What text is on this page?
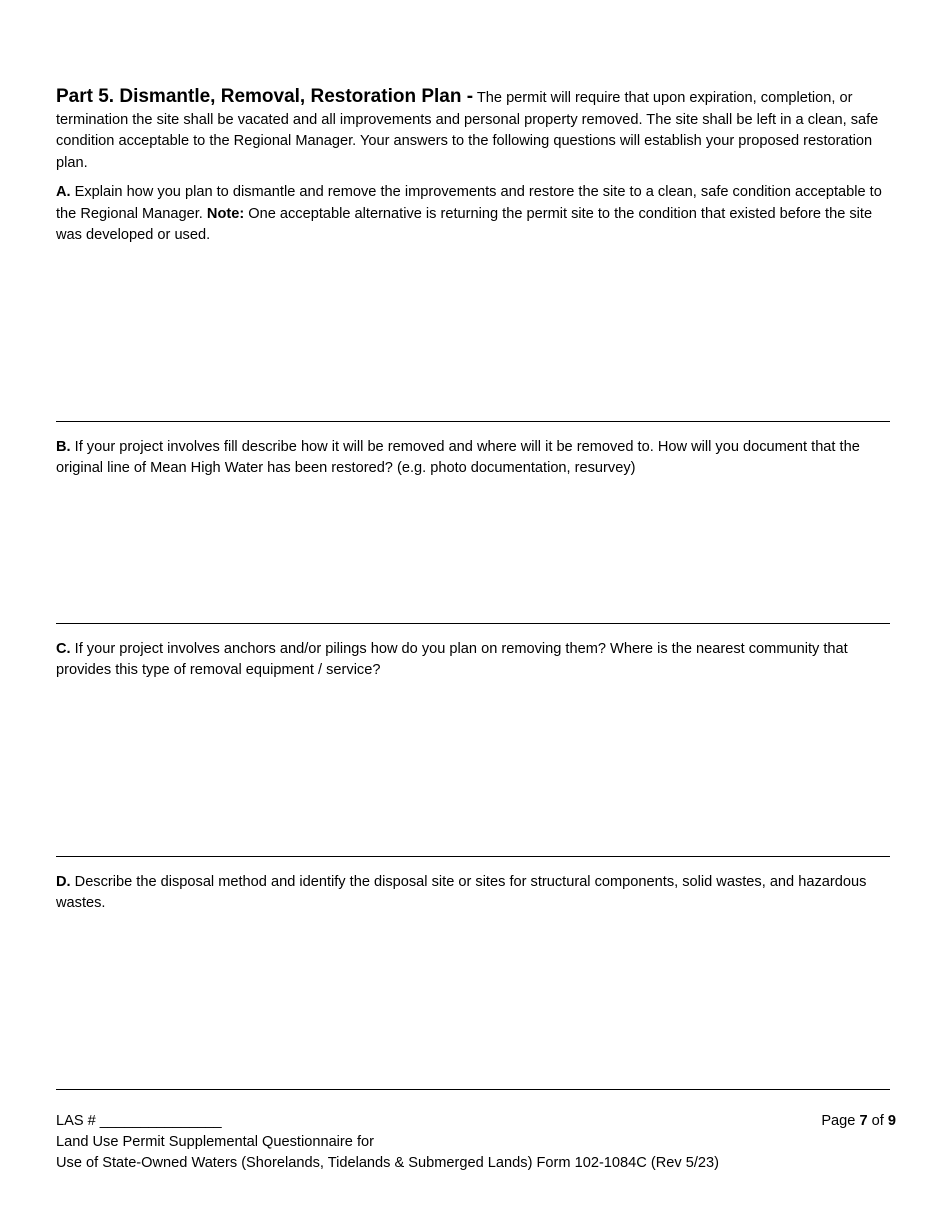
Part 5. Dismantle, Removal, Restoration Plan - The permit will require that upon expiration, completion, or termination the site shall be vacated and all improvements and personal property removed. The site shall be left in a clean, safe condition acceptable to the Regional Manager. Your answers to the following questions will establish your proposed restoration plan.

A. Explain how you plan to dismantle and remove the improvements and restore the site to a clean, safe condition acceptable to the Regional Manager. Note: One acceptable alternative is returning the permit site to the condition that existed before the site was developed or used.

B. If your project involves fill describe how it will be removed and where will it be removed to. How will you document that the original line of Mean High Water has been restored? (e.g. photo documentation, resurvey)

C. If your project involves anchors and/or pilings how do you plan on removing them? Where is the nearest community that provides this type of removal equipment / service?

D. Describe the disposal method and identify the disposal site or sites for structural components, solid wastes, and hazardous wastes.

LAS # _______________	Page 7 of 9
Land Use Permit Supplemental Questionnaire for
Use of State-Owned Waters (Shorelands, Tidelands & Submerged Lands) Form 102-1084C (Rev 5/23)
